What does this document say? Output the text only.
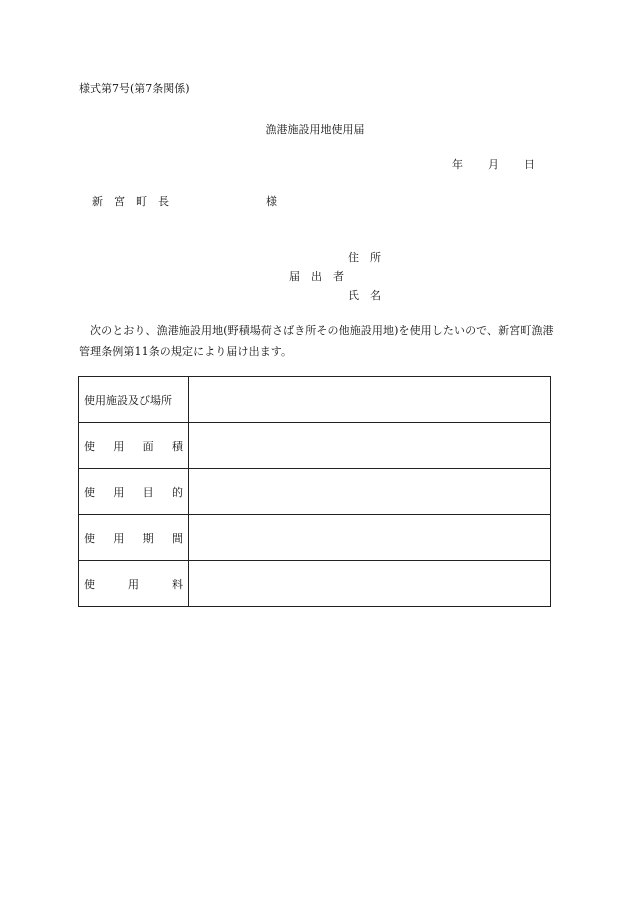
様式第7号(第7条関係)
漁港施設用地使用届
年 月 日
新　宮　町　長	様
住　所
届　出　者
氏　名
次のとおり、漁港施設用地(野積場荷さばき所その他施設用地)を使用したいので、新宮町漁港管理条例第11条の規定により届け出ます。
使用施設及び場所	

使 用 面 積	

使 用 目 的	

使 用 期 間	

使 用 料	
